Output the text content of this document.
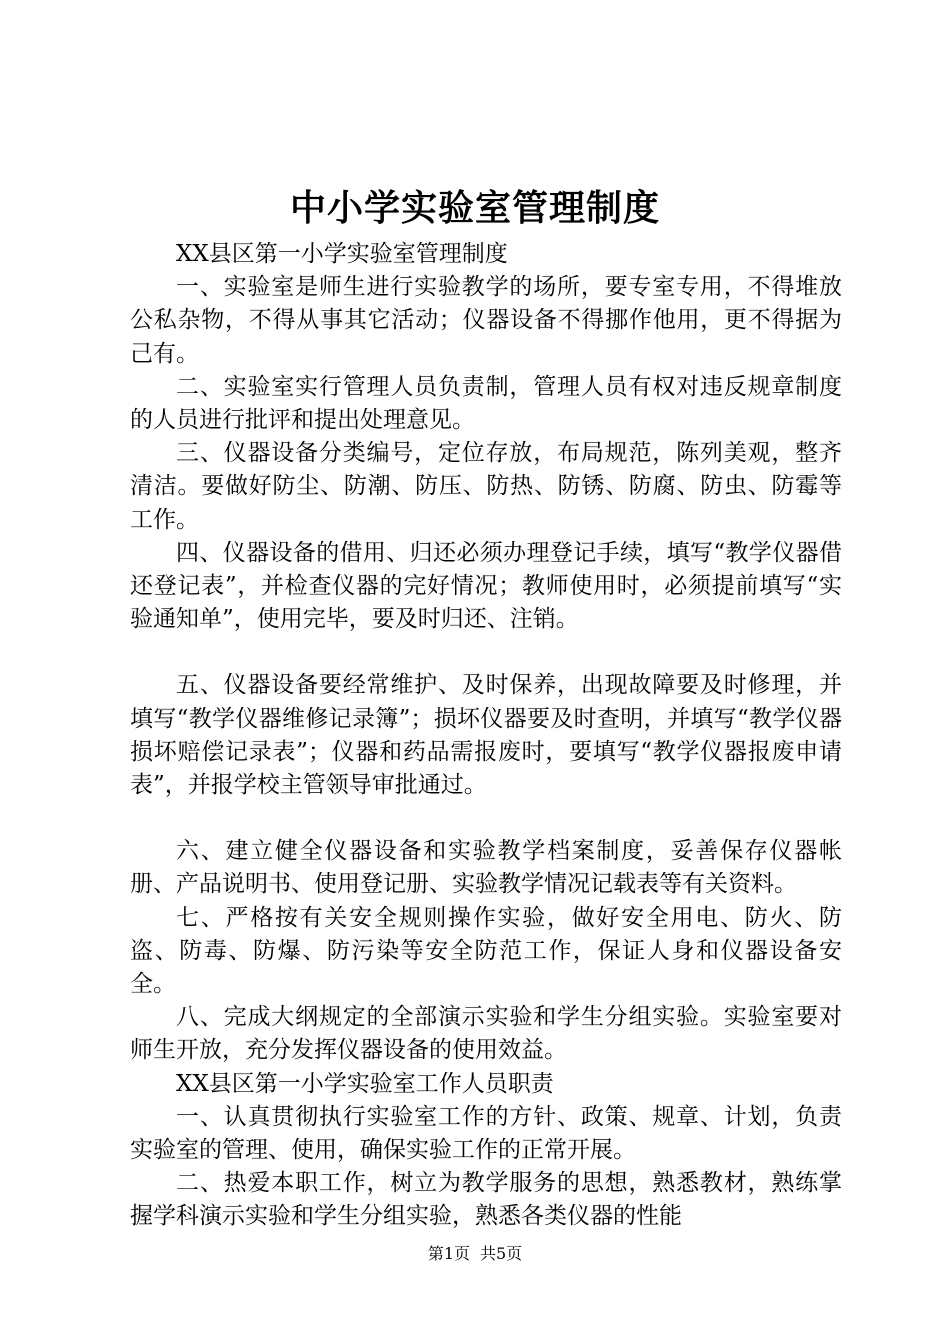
中小学实验室管理制度

XX县区第一小学实验室管理制度

一、实验室是师生进行实验教学的场所，要专室专用，不得堆放公私杂物，不得从事其它活动；仪器设备不得挪作他用，更不得据为己有。

二、实验室实行管理人员负责制，管理人员有权对违反规章制度的人员进行批评和提出处理意见。

三、仪器设备分类编号，定位存放，布局规范，陈列美观，整齐清洁。要做好防尘、防潮、防压、防热、防锈、防腐、防虫、防霉等工作。

四、仪器设备的借用、归还必须办理登记手续，填写“教学仪器借还登记表”，并检查仪器的完好情况；教师使用时，必须提前填写“实验通知单”，使用完毕，要及时归还、注销。

五、仪器设备要经常维护、及时保养，出现故障要及时修理，并填写“教学仪器维修记录簿”；损坏仪器要及时查明，并填写“教学仪器损坏赔偿记录表”；仪器和药品需报废时，要填写“教学仪器报废申请表”，并报学校主管领导审批通过。

六、建立健全仪器设备和实验教学档案制度，妥善保存仪器帐册、产品说明书、使用登记册、实验教学情况记载表等有关资料。

七、严格按有关安全规则操作实验，做好安全用电、防火、防盗、防毒、防爆、防污染等安全防范工作，保证人身和仪器设备安全。

八、完成大纲规定的全部演示实验和学生分组实验。实验室要对师生开放，充分发挥仪器设备的使用效益。

XX县区第一小学实验室工作人员职责

一、认真贯彻执行实验室工作的方针、政策、规章、计划，负责实验室的管理、使用，确保实验工作的正常开展。

二、热爱本职工作，树立为教学服务的思想，熟悉教材，熟练掌握学科演示实验和学生分组实验，熟悉各类仪器的性能

第1页 共5页
